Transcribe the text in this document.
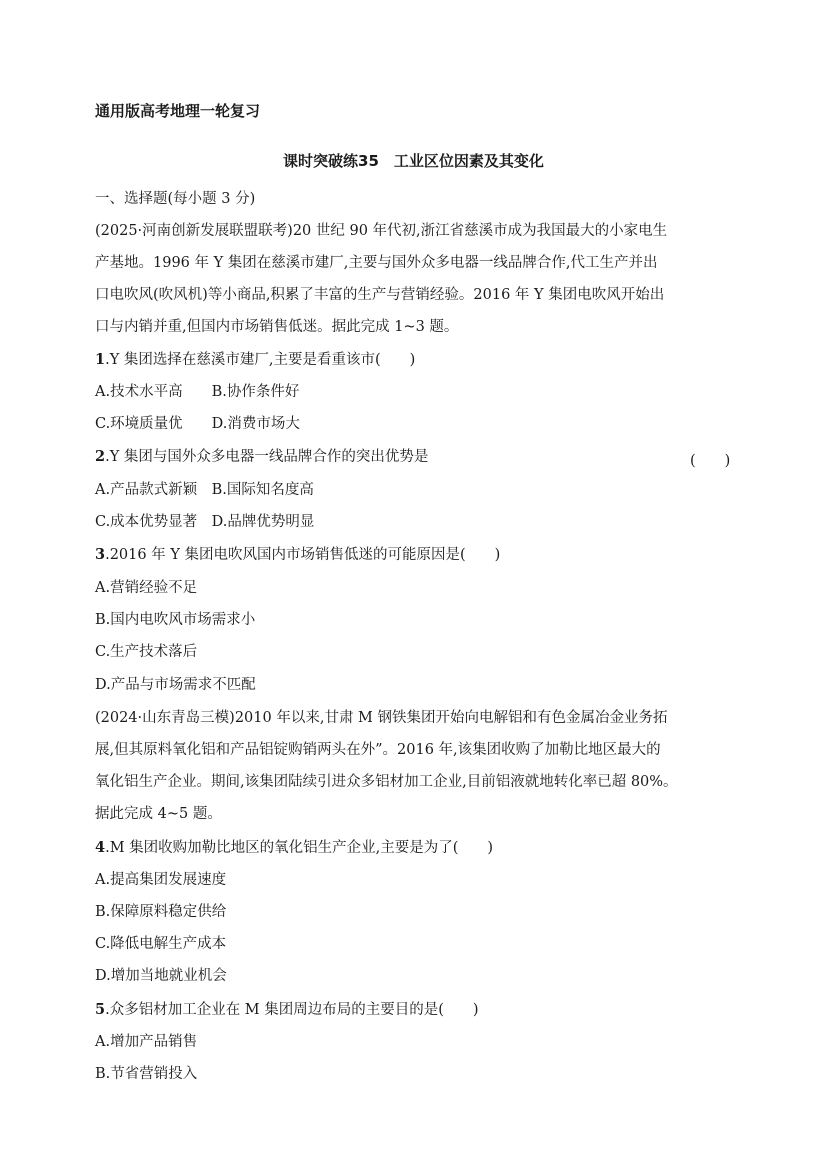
通用版高考地理一轮复习
课时突破练35　工业区位因素及其变化
一、选择题(每小题 3 分)
(2025·河南创新发展联盟联考)20 世纪 90 年代初,浙江省慈溪市成为我国最大的小家电生
产基地。1996 年 Y 集团在慈溪市建厂,主要与国外众多电器一线品牌合作,代工生产并出
口电吹风(吹风机)等小商品,积累了丰富的生产与营销经验。2016 年 Y 集团电吹风开始出
口与内销并重,但国内市场销售低迷。据此完成 1~3 题。
1.Y 集团选择在慈溪市建厂,主要是看重该市(　　)
A.技术水平高　　B.协作条件好
C.环境质量优　　D.消费市场大
2.Y 集团与国外众多电器一线品牌合作的突出优势是	(　　)
A.产品款式新颖　B.国际知名度高
C.成本优势显著　D.品牌优势明显
3.2016 年 Y 集团电吹风国内市场销售低迷的可能原因是(　　)
A.营销经验不足
B.国内电吹风市场需求小
C.生产技术落后
D.产品与市场需求不匹配
(2024·山东青岛三模)2010 年以来,甘肃 M 钢铁集团开始向电解铝和有色金属冶金业务拓
展,但其原料氧化铝和产品铝锭购销两头在外”。2016 年,该集团收购了加勒比地区最大的
氧化铝生产企业。期间,该集团陆续引进众多铝材加工企业,目前铝液就地转化率已超 80%。
据此完成 4~5 题。
4.M 集团收购加勒比地区的氧化铝生产企业,主要是为了(　　)
A.提高集团发展速度
B.保障原料稳定供给
C.降低电解生产成本
D.增加当地就业机会
5.众多铝材加工企业在 M 集团周边布局的主要目的是(　　)
A.增加产品销售
B.节省营销投入
